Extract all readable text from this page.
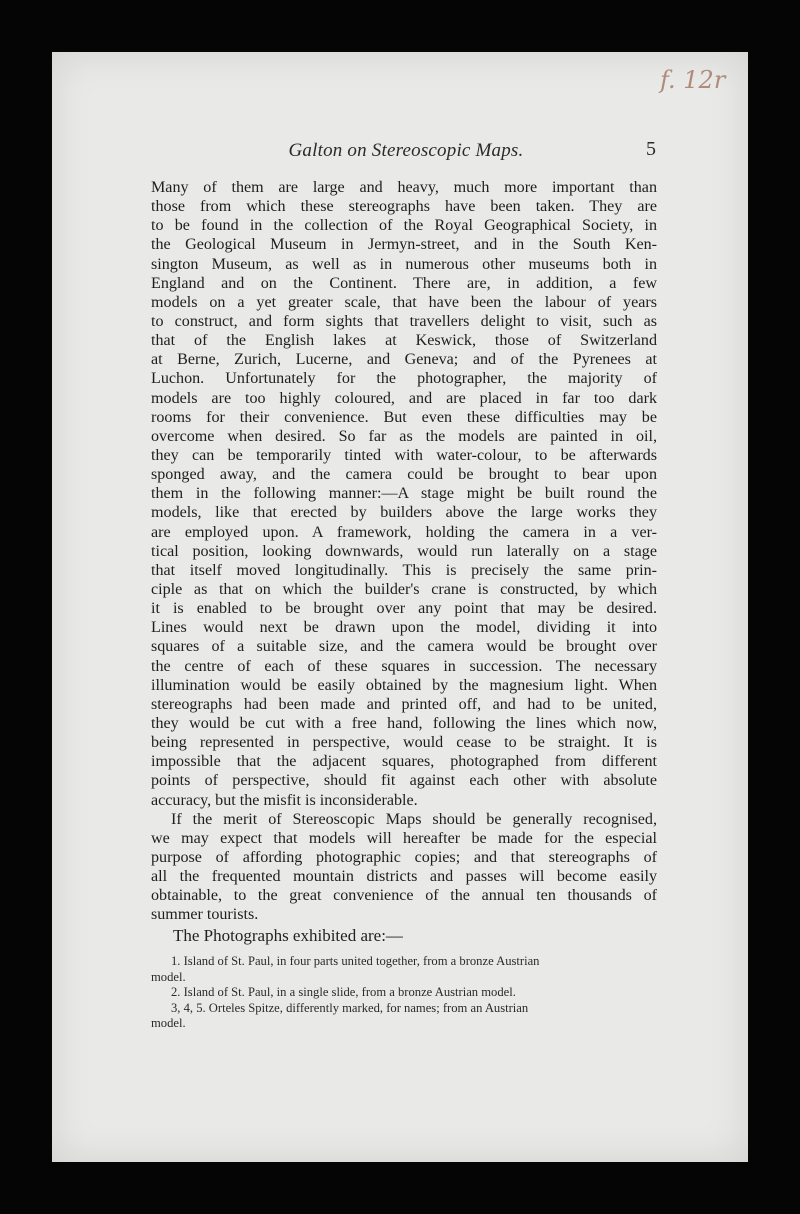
f. 12r
Galton on Stereoscopic Maps.	5
Many of them are large and heavy, much more important than
those from which these stereographs have been taken. They are
to be found in the collection of the Royal Geographical Society, in
the Geological Museum in Jermyn-street, and in the South Ken-
sington Museum, as well as in numerous other museums both in
England and on the Continent. There are, in addition, a few
models on a yet greater scale, that have been the labour of years
to construct, and form sights that travellers delight to visit, such as
that of the English lakes at Keswick, those of Switzerland
at Berne, Zurich, Lucerne, and Geneva; and of the Pyrenees at
Luchon. Unfortunately for the photographer, the majority of
models are too highly coloured, and are placed in far too dark
rooms for their convenience. But even these difficulties may be
overcome when desired. So far as the models are painted in oil,
they can be temporarily tinted with water-colour, to be afterwards
sponged away, and the camera could be brought to bear upon
them in the following manner:—A stage might be built round the
models, like that erected by builders above the large works they
are employed upon. A framework, holding the camera in a ver-
tical position, looking downwards, would run laterally on a stage
that itself moved longitudinally. This is precisely the same prin-
ciple as that on which the builder's crane is constructed, by which
it is enabled to be brought over any point that may be desired.
Lines would next be drawn upon the model, dividing it into
squares of a suitable size, and the camera would be brought over
the centre of each of these squares in succession. The necessary
illumination would be easily obtained by the magnesium light. When
stereographs had been made and printed off, and had to be united,
they would be cut with a free hand, following the lines which now,
being represented in perspective, would cease to be straight. It is
impossible that the adjacent squares, photographed from different
points of perspective, should fit against each other with absolute
accuracy, but the misfit is inconsiderable.
If the merit of Stereoscopic Maps should be generally recognised,
we may expect that models will hereafter be made for the especial
purpose of affording photographic copies; and that stereographs of
all the frequented mountain districts and passes will become easily
obtainable, to the great convenience of the annual ten thousands of
summer tourists.
The Photographs exhibited are:—

1. Island of St. Paul, in four parts united together, from a bronze Austrian
model.

2. Island of St. Paul, in a single slide, from a bronze Austrian model.

3, 4, 5. Orteles Spitze, differently marked, for names; from an Austrian
model.
